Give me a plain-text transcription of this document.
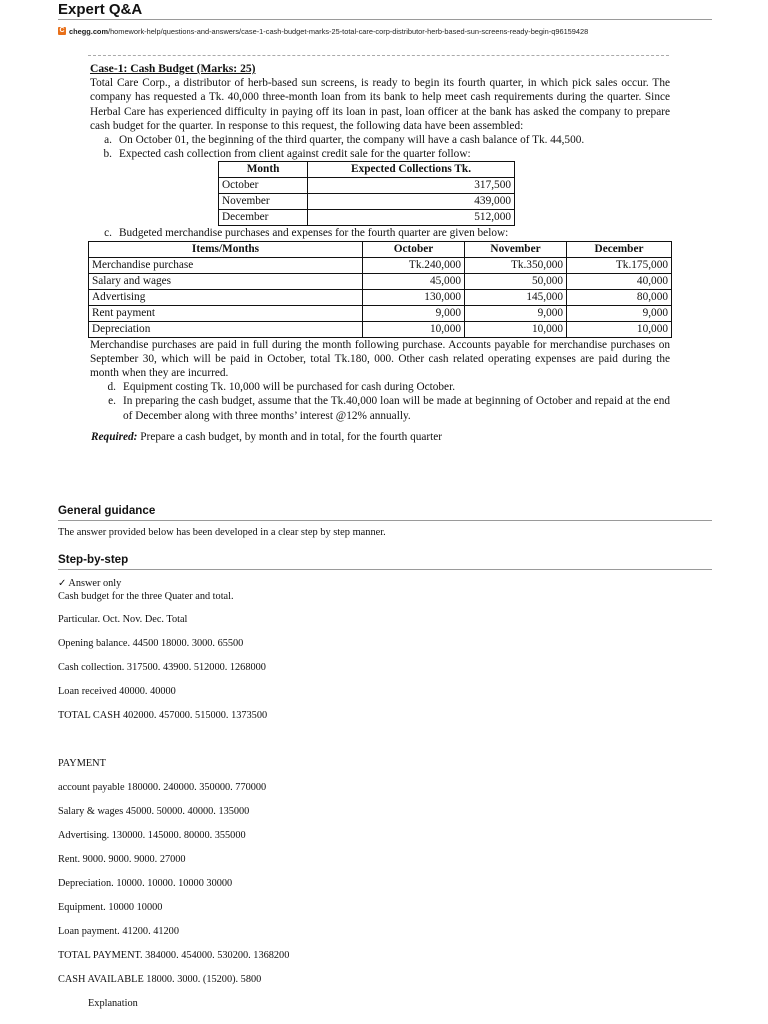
Expert Q&A
C chegg.com /homework-help/questions-and-answers/case-1-cash-budget-marks-25-total-care-corp-distributor-herb-based-sun-screens-ready-begin-q96159428
Case-1: Cash Budget (Marks: 25)

Total Care Corp., a distributor of herb-based sun screens, is ready to begin its fourth quarter, in which pick sales occur. The company has requested a Tk. 40,000 three-month loan from its bank to help meet cash requirements during the quarter. Since Herbal Care has experienced difficulty in paying off its loan in past, loan officer at the bank has asked the company to prepare cash budget for the quarter. In response to this request, the following data have been assembled:

a. On October 01, the beginning of the third quarter, the company will have a cash balance of Tk. 44,500.
b. Expected cash collection from client against credit sale for the quarter follow:
Month	Expected Collections Tk.
October	317,500
November	439,000
December	512,000
c. Budgeted merchandise purchases and expenses for the fourth quarter are given below:
Items/Months	October	November	December
Merchandise purchase	Tk.240,000	Tk.350,000	Tk.175,000
Salary and wages	45,000	50,000	40,000
Advertising	130,000	145,000	80,000
Rent payment	9,000	9,000	9,000
Depreciation	10,000	10,000	10,000

Merchandise purchases are paid in full during the month following purchase. Accounts payable for merchandise purchases on September 30, which will be paid in October, total Tk.180, 000. Other cash related operating expenses are paid during the month when they are incurred.

d. Equipment costing Tk. 10,000 will be purchased for cash during October.
e. In preparing the cash budget, assume that the Tk.40,000 loan will be made at beginning of October and repaid at the end of December along with three months’ interest @12% annually.
Required: Prepare a cash budget, by month and in total, for the fourth quarter
General guidance
The answer provided below has been developed in a clear step by step manner.
Step-by-step
✓ Answer only
Cash budget for the three Quater and total.
Particular. Oct. Nov. Dec. Total
Opening balance. 44500 18000. 3000. 65500
Cash collection. 317500. 43900. 512000. 1268000
Loan received 40000. 40000
TOTAL CASH 402000. 457000. 515000. 1373500
PAYMENT
account payable 180000. 240000. 350000. 770000
Salary & wages 45000. 50000. 40000. 135000
Advertising. 130000. 145000. 80000. 355000
Rent. 9000. 9000. 9000. 27000
Depreciation. 10000. 10000. 10000 30000
Equipment. 10000 10000
Loan payment. 41200. 41200
TOTAL PAYMENT. 384000. 454000. 530200. 1368200
CASH AVAILABLE 18000. 3000. (15200). 5800
Explanation
